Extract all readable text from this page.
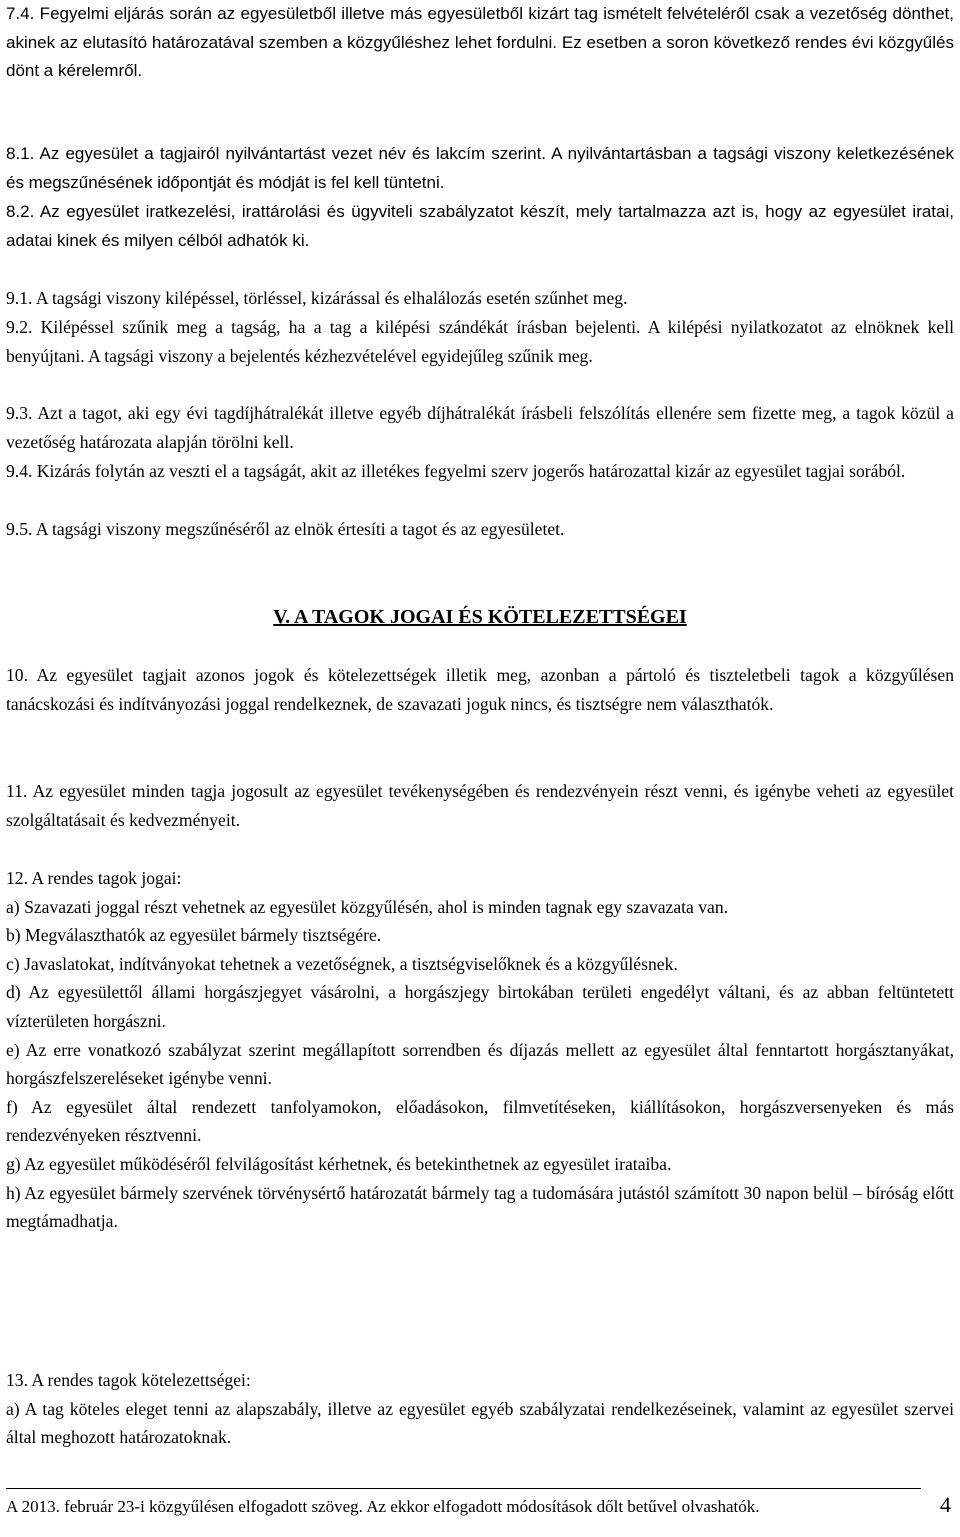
7.4. Fegyelmi eljárás során az egyesületből illetve más egyesületből kizárt tag ismételt felvételéről csak a vezetőség dönthet, akinek az elutasító határozatával szemben a közgyűléshez lehet fordulni. Ez esetben a soron következő rendes évi közgyűlés dönt a kérelemről.

8.1. Az egyesület a tagjairól nyilvántartást vezet név és lakcím szerint. A nyilvántartásban a tagsági viszony keletkezésének és megszűnésének időpontját és módját is fel kell tüntetni.

8.2. Az egyesület iratkezelési, irattárolási és ügyviteli szabályzatot készít, mely tartalmazza azt is, hogy az egyesület iratai, adatai kinek és milyen célból adhatók ki.

9.1. A tagsági viszony kilépéssel, törléssel, kizárással és elhalálozás esetén szűnhet meg.

9.2. Kilépéssel szűnik meg a tagság, ha a tag a kilépési szándékát írásban bejelenti. A kilépési nyilatkozatot az elnöknek kell benyújtani. A tagsági viszony a bejelentés kézhezvételével egyidejűleg szűnik meg.

9.3. Azt a tagot, aki egy évi tagdíjhátralékát illetve egyéb díjhátralékát írásbeli felszólítás ellenére sem fizette meg, a tagok közül a vezetőség határozata alapján törölni kell.

9.4. Kizárás folytán az veszti el a tagságát, akit az illetékes fegyelmi szerv jogerős határozattal kizár az egyesület tagjai sorából.

9.5. A tagsági viszony megszűnéséről az elnök értesíti a tagot és az egyesületet.

V. A TAGOK JOGAI ÉS KÖTELEZETTSÉGEI

10. Az egyesület tagjait azonos jogok és kötelezettségek illetik meg, azonban a pártoló és tiszteletbeli tagok a közgyűlésen tanácskozási és indítványozási joggal rendelkeznek, de szavazati joguk nincs, és tisztségre nem választhatók.

11. Az egyesület minden tagja jogosult az egyesület tevékenységében és rendezvényein részt venni, és igénybe veheti az egyesület szolgáltatásait és kedvezményeit.

12. A rendes tagok jogai:

a) Szavazati joggal részt vehetnek az egyesület közgyűlésén, ahol is minden tagnak egy szavazata van.

b) Megválaszthatók az egyesület bármely tisztségére.

c) Javaslatokat, indítványokat tehetnek a vezetőségnek, a tisztségviselőknek és a közgyűlésnek.

d) Az egyesülettől állami horgászjegyet vásárolni, a horgászjegy birtokában területi engedélyt váltani, és az abban feltüntetett vízterületen horgászni.

e) Az erre vonatkozó szabályzat szerint megállapított sorrendben és díjazás mellett az egyesület által fenntartott horgásztanyákat, horgászfelszereléseket igénybe venni.

f) Az egyesület által rendezett tanfolyamokon, előadásokon, filmvetítéseken, kiállításokon, horgászversenyeken és más rendezvényeken résztvenni.

g) Az egyesület működéséről felvilágosítást kérhetnek, és betekinthetnek az egyesület irataiba.

h) Az egyesület bármely szervének törvénysértő határozatát bármely tag a tudomására jutástól számított 30 napon belül – bíróság előtt megtámadhatja.

13. A rendes tagok kötelezettségei:

a) A tag köteles eleget tenni az alapszabály, illetve az egyesület egyéb szabályzatai rendelkezéseinek, valamint az egyesület szervei által meghozott határozatoknak.

A 2013. február 23-i közgyűlésen elfogadott szöveg. Az ekkor elfogadott módosítások dőlt betűvel olvashatók.	4
